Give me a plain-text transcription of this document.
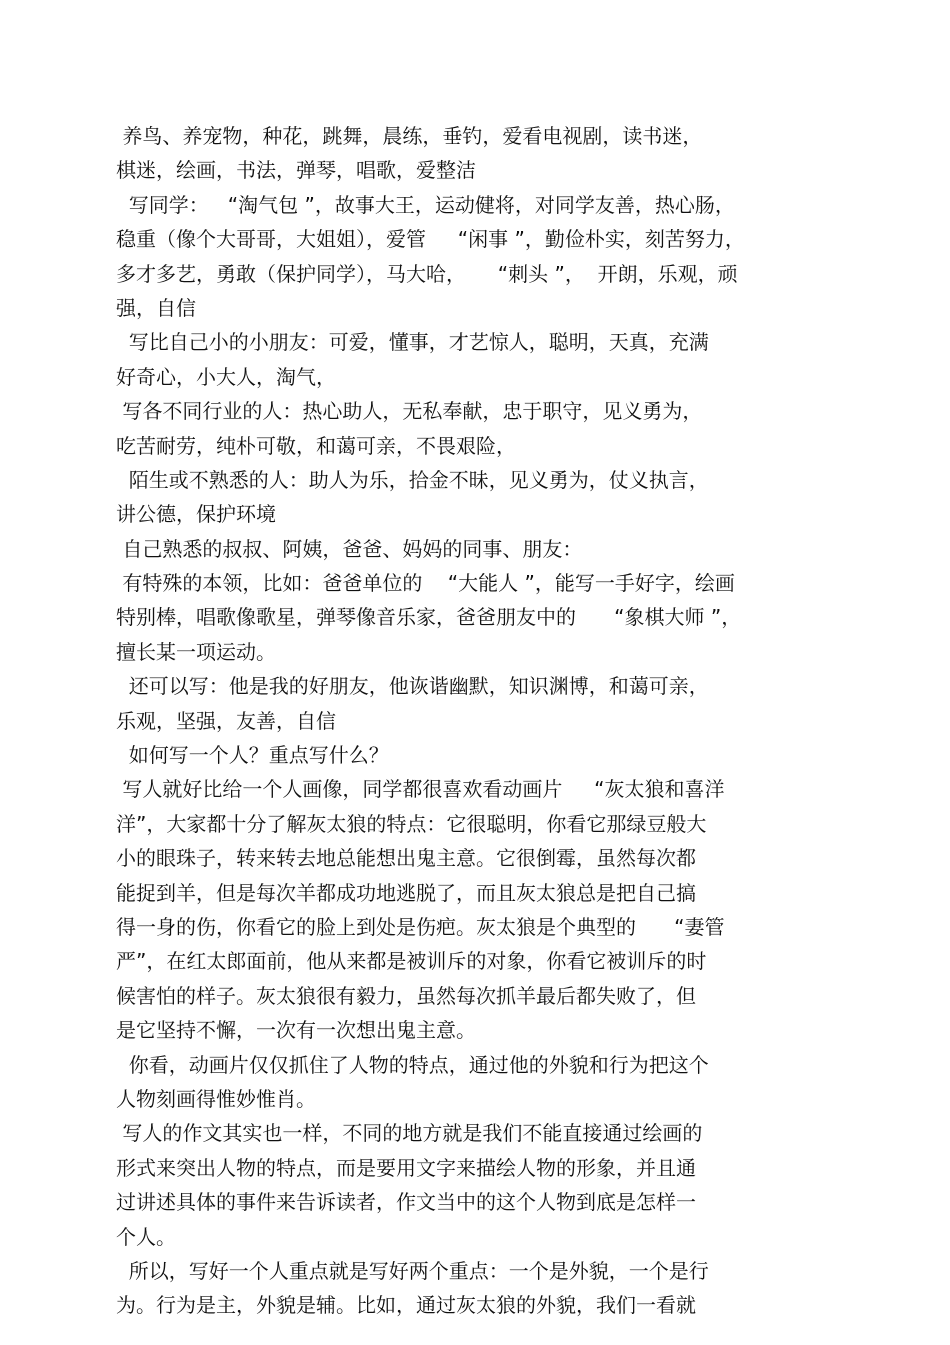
养鸟、养宠物，种花，跳舞，晨练，垂钓，爱看电视剧，读书迷，
棋迷，绘画，书法，弹琴，唱歌，爱整洁
写同学：   “淘气包 ”，故事大王，运动健将，对同学友善，热心肠，
稳重（像个大哥哥，大姐姐），爱管     “闲事 ”，勤俭朴实，刻苦努力，
多才多艺，勇敢（保护同学），马大哈，     “刺头 ”，  开朗，乐观，顽
强，自信
写比自己小的小朋友：可爱，懂事，才艺惊人，聪明，天真，充满
好奇心，小大人，淘气，
写各不同行业的人：热心助人，无私奉献，忠于职守，见义勇为，
吃苦耐劳，纯朴可敬，和蔼可亲，不畏艰险，
陌生或不熟悉的人：助人为乐，拾金不昧，见义勇为，仗义执言，
讲公德，保护环境
自己熟悉的叔叔、阿姨，爸爸、妈妈的同事、朋友：
有特殊的本领，比如：爸爸单位的    “大能人 ”，能写一手好字，绘画
特别棒，唱歌像歌星，弹琴像音乐家，爸爸朋友中的      “象棋大师 ”，
擅长某一项运动。
还可以写：他是我的好朋友，他诙谐幽默，知识渊博，和蔼可亲，
乐观，坚强，友善，自信
如何写一个人？重点写什么？
写人就好比给一个人画像，同学都很喜欢看动画片     “灰太狼和喜洋
洋”，大家都十分了解灰太狼的特点：它很聪明，你看它那绿豆般大
小的眼珠子，转来转去地总能想出鬼主意。它很倒霉，虽然每次都
能捉到羊，但是每次羊都成功地逃脱了，而且灰太狼总是把自己搞
得一身的伤，你看它的脸上到处是伤疤。灰太狼是个典型的      “妻管
严”，在红太郎面前，他从来都是被训斥的对象，你看它被训斥的时
候害怕的样子。灰太狼很有毅力，虽然每次抓羊最后都失败了，但
是它坚持不懈，一次有一次想出鬼主意。
你看，动画片仅仅抓住了人物的特点，通过他的外貌和行为把这个
人物刻画得惟妙惟肖。
写人的作文其实也一样，不同的地方就是我们不能直接通过绘画的
形式来突出人物的特点，而是要用文字来描绘人物的形象，并且通
过讲述具体的事件来告诉读者，作文当中的这个人物到底是怎样一
个人。
所以，写好一个人重点就是写好两个重点：一个是外貌，一个是行
为。行为是主，外貌是辅。比如，通过灰太狼的外貌，我们一看就
